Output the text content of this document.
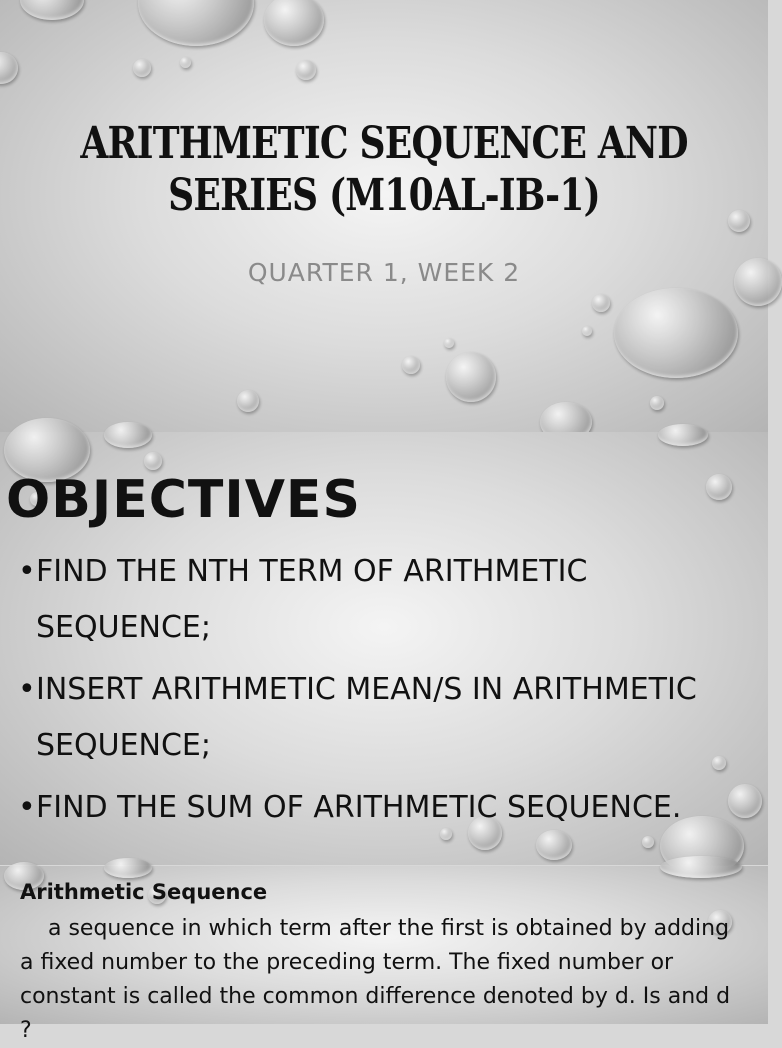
ARITHMETIC SEQUENCE AND
SERIES (M10AL-IB-1)
QUARTER 1, WEEK 2
OBJECTIVES
• FIND THE NTH TERM OF ARITHMETIC SEQUENCE;
• INSERT ARITHMETIC MEAN/S IN ARITHMETIC SEQUENCE;
• FIND THE SUM OF ARITHMETIC SEQUENCE.
Arithmetic Sequence
a sequence in which term after the first is obtained by adding a fixed number to the preceding term. The fixed number or constant is called the common difference denoted by d. Is and d ?
